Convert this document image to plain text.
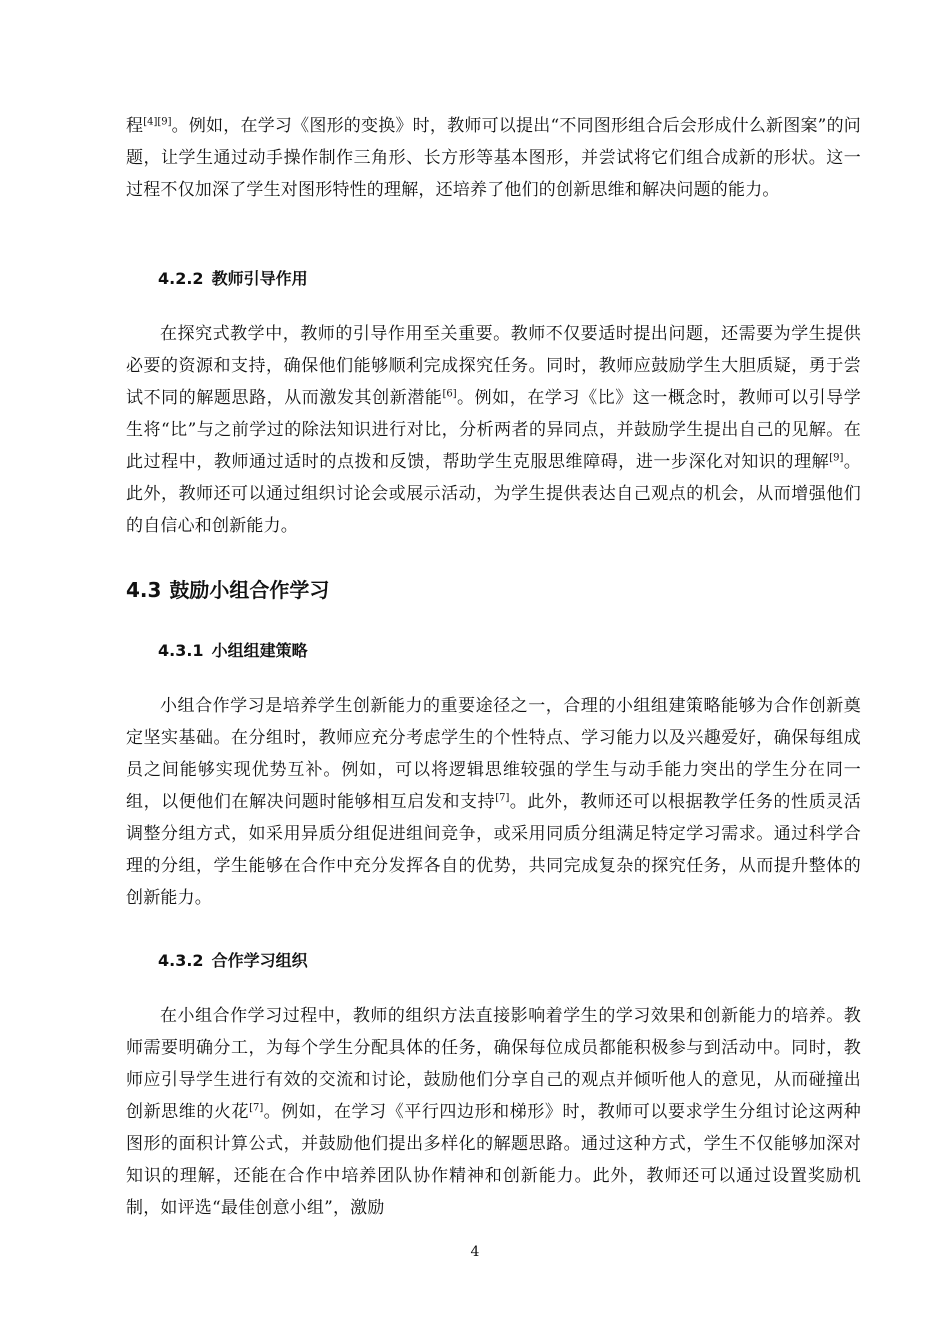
程[4][9]。例如，在学习《图形的变换》时，教师可以提出“不同图形组合后会形成什么新图案”的问题，让学生通过动手操作制作三角形、长方形等基本图形，并尝试将它们组合成新的形状。这一过程不仅加深了学生对图形特性的理解，还培养了他们的创新思维和解决问题的能力。

4.2.2 教师引导作用

在探究式教学中，教师的引导作用至关重要。教师不仅要适时提出问题，还需要为学生提供必要的资源和支持，确保他们能够顺利完成探究任务。同时，教师应鼓励学生大胆质疑，勇于尝试不同的解题思路，从而激发其创新潜能[6]。例如，在学习《比》这一概念时，教师可以引导学生将“比”与之前学过的除法知识进行对比，分析两者的异同点，并鼓励学生提出自己的见解。在此过程中，教师通过适时的点拨和反馈，帮助学生克服思维障碍，进一步深化对知识的理解[9]。此外，教师还可以通过组织讨论会或展示活动，为学生提供表达自己观点的机会，从而增强他们的自信心和创新能力。

4.3 鼓励小组合作学习
4.3.1 小组组建策略

小组合作学习是培养学生创新能力的重要途径之一，合理的小组组建策略能够为合作创新奠定坚实基础。在分组时，教师应充分考虑学生的个性特点、学习能力以及兴趣爱好，确保每组成员之间能够实现优势互补。例如，可以将逻辑思维较强的学生与动手能力突出的学生分在同一组，以便他们在解决问题时能够相互启发和支持[7]。此外，教师还可以根据教学任务的性质灵活调整分组方式，如采用异质分组促进组间竞争，或采用同质分组满足特定学习需求。通过科学合理的分组，学生能够在合作中充分发挥各自的优势，共同完成复杂的探究任务，从而提升整体的创新能力。

4.3.2 合作学习组织

在小组合作学习过程中，教师的组织方法直接影响着学生的学习效果和创新能力的培养。教师需要明确分工，为每个学生分配具体的任务，确保每位成员都能积极参与到活动中。同时，教师应引导学生进行有效的交流和讨论，鼓励他们分享自己的观点并倾听他人的意见，从而碰撞出创新思维的火花[7]。例如，在学习《平行四边形和梯形》时，教师可以要求学生分组讨论这两种图形的面积计算公式，并鼓励他们提出多样化的解题思路。通过这种方式，学生不仅能够加深对知识的理解，还能在合作中培养团队协作精神和创新能力。此外，教师还可以通过设置奖励机制，如评选“最佳创意小组”，激励

4
